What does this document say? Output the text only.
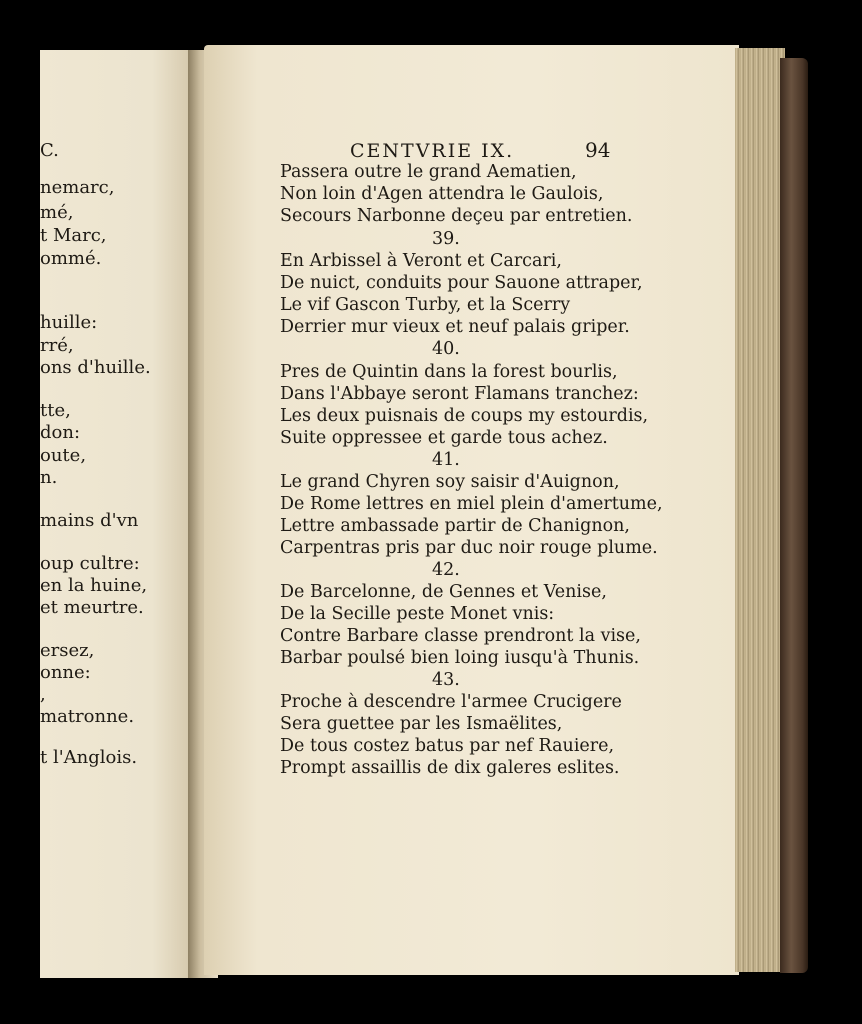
C.
nemarc,
mé,
t Marc,
ommé.
huille:
rré,
ons d'huille.
tte,
don:
oute,
n.
mains d'vn
oup cultre:
en la huine,
et meurtre.
ersez,
onne:
,
matronne.
t l'Anglois.
CENTVRIE IX.	94
Passera outre le grand Aematien,
Non loin d'Agen attendra le Gaulois,
Secours Narbonne deçeu par entretien.
39.
En Arbissel à Veront et Carcari,
De nuict, conduits pour Sauone attraper,
Le vif Gascon Turby, et la Scerry
Derrier mur vieux et neuf palais griper.
40.
Pres de Quintin dans la forest bourlis,
Dans l'Abbaye seront Flamans tranchez:
Les deux puisnais de coups my estourdis,
Suite oppressee et garde tous achez.
41.
Le grand Chyren soy saisir d'Auignon,
De Rome lettres en miel plein d'amertume,
Lettre ambassade partir de Chanignon,
Carpentras pris par duc noir rouge plume.
42.
De Barcelonne, de Gennes et Venise,
De la Secille peste Monet vnis:
Contre Barbare classe prendront la vise,
Barbar poulsé bien loing iusqu'à Thunis.
43.
Proche à descendre l'armee Crucigere
Sera guettee par les Ismaëlites,
De tous costez batus par nef Rauiere,
Prompt assaillis de dix galeres eslites.
